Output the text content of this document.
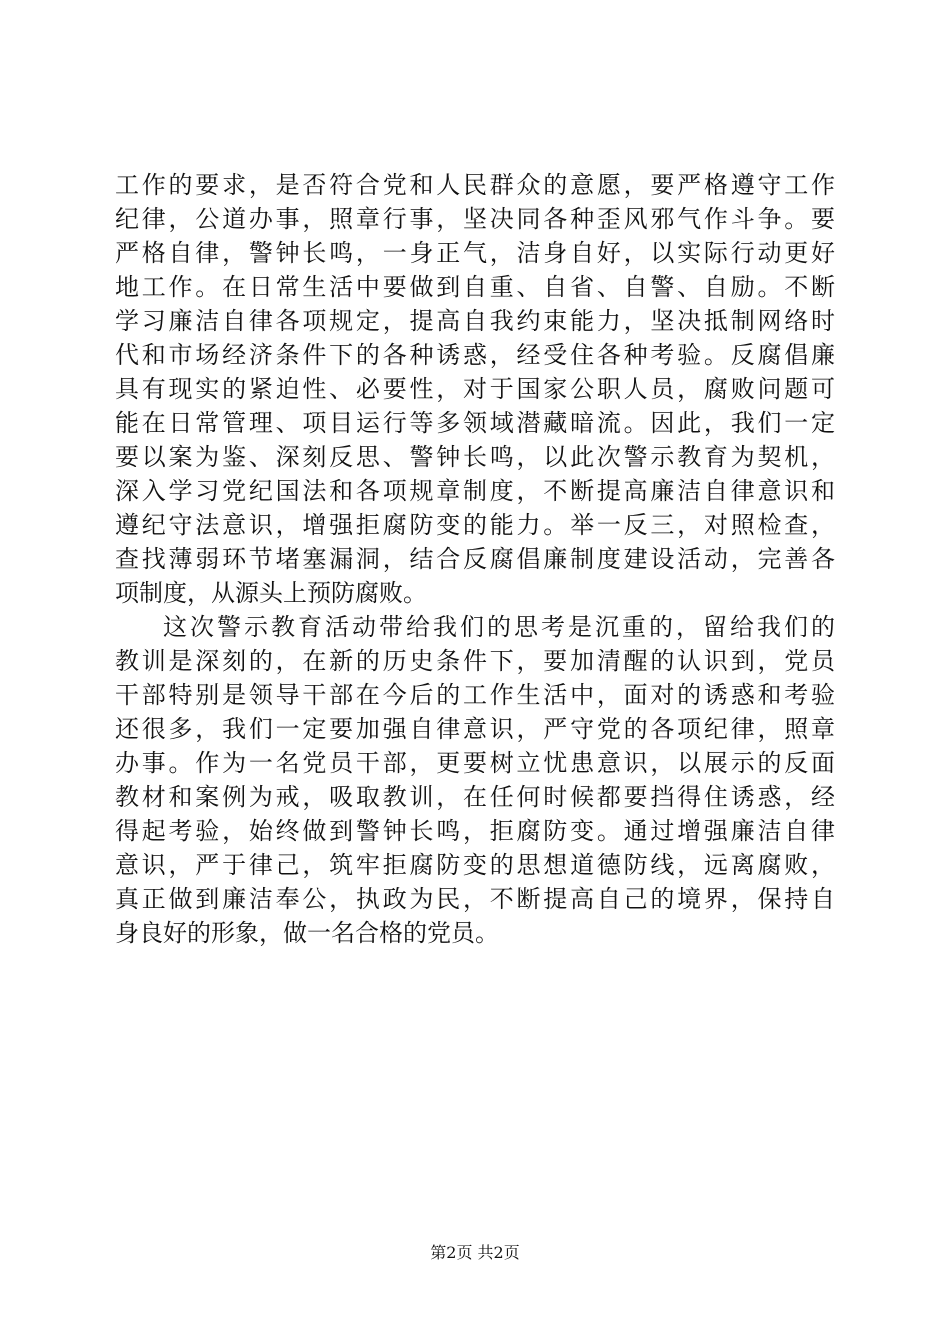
工作的要求，是否符合党和人民群众的意愿，要严格遵守工作
纪律，公道办事，照章行事，坚决同各种歪风邪气作斗争。要
严格自律，警钟长鸣，一身正气，洁身自好，以实际行动更好
地工作。在日常生活中要做到自重、自省、自警、自励。不断
学习廉洁自律各项规定，提高自我约束能力，坚决抵制网络时
代和市场经济条件下的各种诱惑，经受住各种考验。反腐倡廉
具有现实的紧迫性、必要性，对于国家公职人员，腐败问题可
能在日常管理、项目运行等多领域潜藏暗流。因此，我们一定
要以案为鉴、深刻反思、警钟长鸣，以此次警示教育为契机，
深入学习党纪国法和各项规章制度，不断提高廉洁自律意识和
遵纪守法意识，增强拒腐防变的能力。举一反三，对照检查，
查找薄弱环节堵塞漏洞，结合反腐倡廉制度建设活动，完善各
项制度，从源头上预防腐败。
这次警示教育活动带给我们的思考是沉重的，留给我们的
教训是深刻的，在新的历史条件下，要加清醒的认识到，党员
干部特别是领导干部在今后的工作生活中，面对的诱惑和考验
还很多，我们一定要加强自律意识，严守党的各项纪律，照章
办事。作为一名党员干部，更要树立忧患意识，以展示的反面
教材和案例为戒，吸取教训，在任何时候都要挡得住诱惑，经
得起考验，始终做到警钟长鸣，拒腐防变。通过增强廉洁自律
意识，严于律己，筑牢拒腐防变的思想道德防线，远离腐败，
真正做到廉洁奉公，执政为民，不断提高自己的境界，保持自
身良好的形象，做一名合格的党员。
第2页 共2页
